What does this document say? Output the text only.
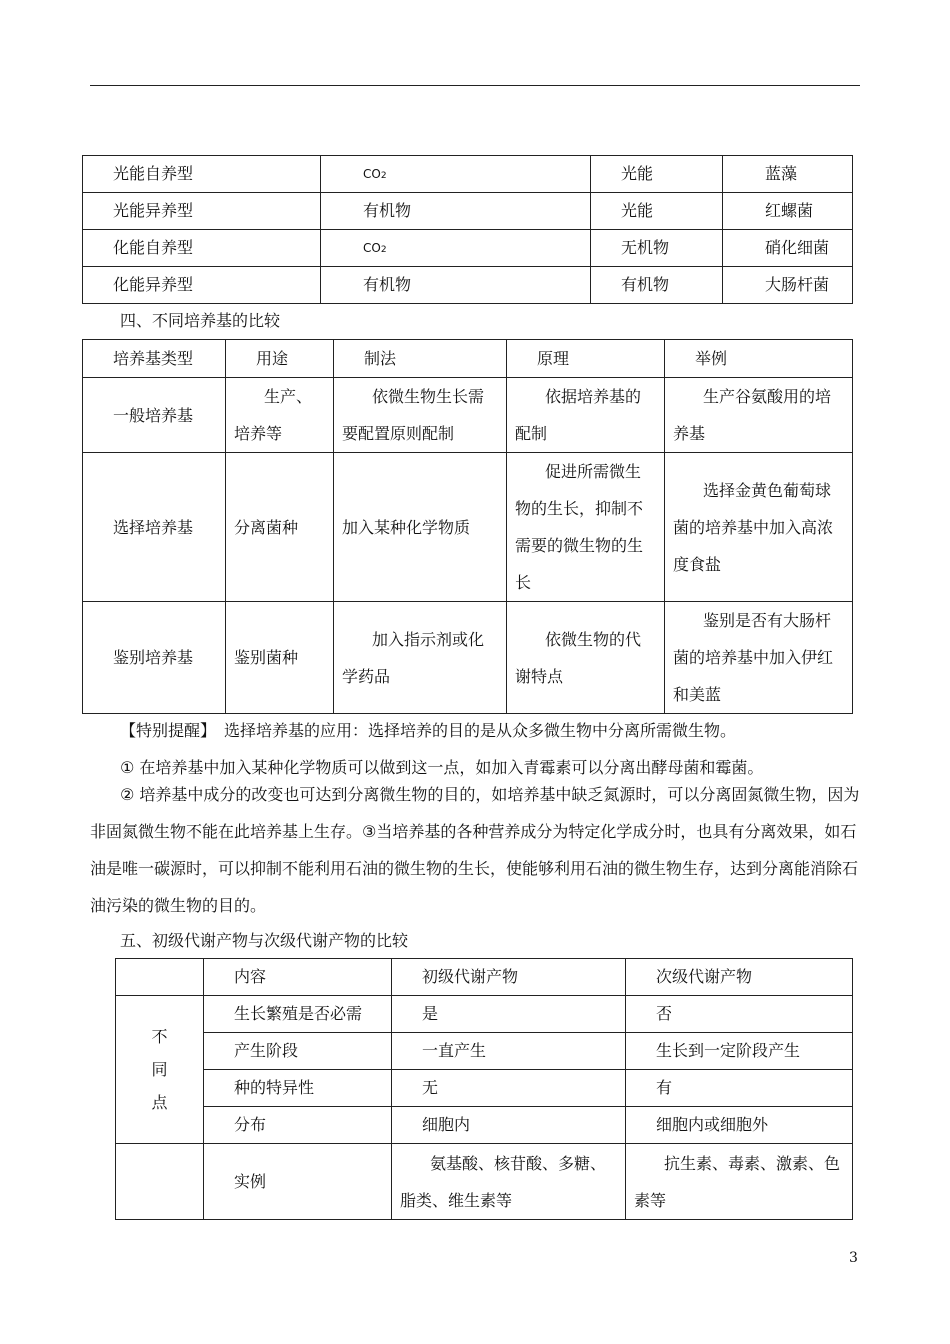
光能自养型	CO2	光能	蓝藻
光能异养型	有机物	光能	红螺菌
化能自养型	CO2	无机物	硝化细菌
化能异养型	有机物	有机物	大肠杆菌

四、不同培养基的比较

培养基类型	用途	制法	原理	举例
一般培养基	生产、培养等	依微生物生长需要配置原则配制	依据培养基的配制	生产谷氨酸用的培养基
选择培养基	分离菌种	加入某种化学物质	促进所需微生物的生长，抑制不需要的微生物的生长	选择金黄色葡萄球菌的培养基中加入高浓度食盐
鉴别培养基	鉴别菌种	加入指示剂或化学药品	依微生物的代谢特点	鉴别是否有大肠杆菌的培养基中加入伊红和美蓝

【特别提醒】　选择培养基的应用：选择培养的目的是从众多微生物中分离所需微生物。

① 在培养基中加入某种化学物质可以做到这一点，如加入青霉素可以分离出酵母菌和霉菌。

② 培养基中成分的改变也可达到分离微生物的目的，如培养基中缺乏氮源时，可以分离固氮微生物，因为非固氮微生物不能在此培养基上生存。③当培养基的各种营养成分为特定化学成分时，也具有分离效果，如石油是唯一碳源时，可以抑制不能利用石油的微生物的生长，使能够利用石油的微生物生存，达到分离能消除石油污染的微生物的目的。

五、初级代谢产物与次级代谢产物的比较

	内容	初级代谢产物	次级代谢产物
不同点	生长繁殖是否必需	是	否
	产生阶段	一直产生	生长到一定阶段产生
	种的特异性	无	有
	分布	细胞内	细胞内或细胞外
	实例	氨基酸、核苷酸、多糖、脂类、维生素等	抗生素、毒素、激素、色素等
3
